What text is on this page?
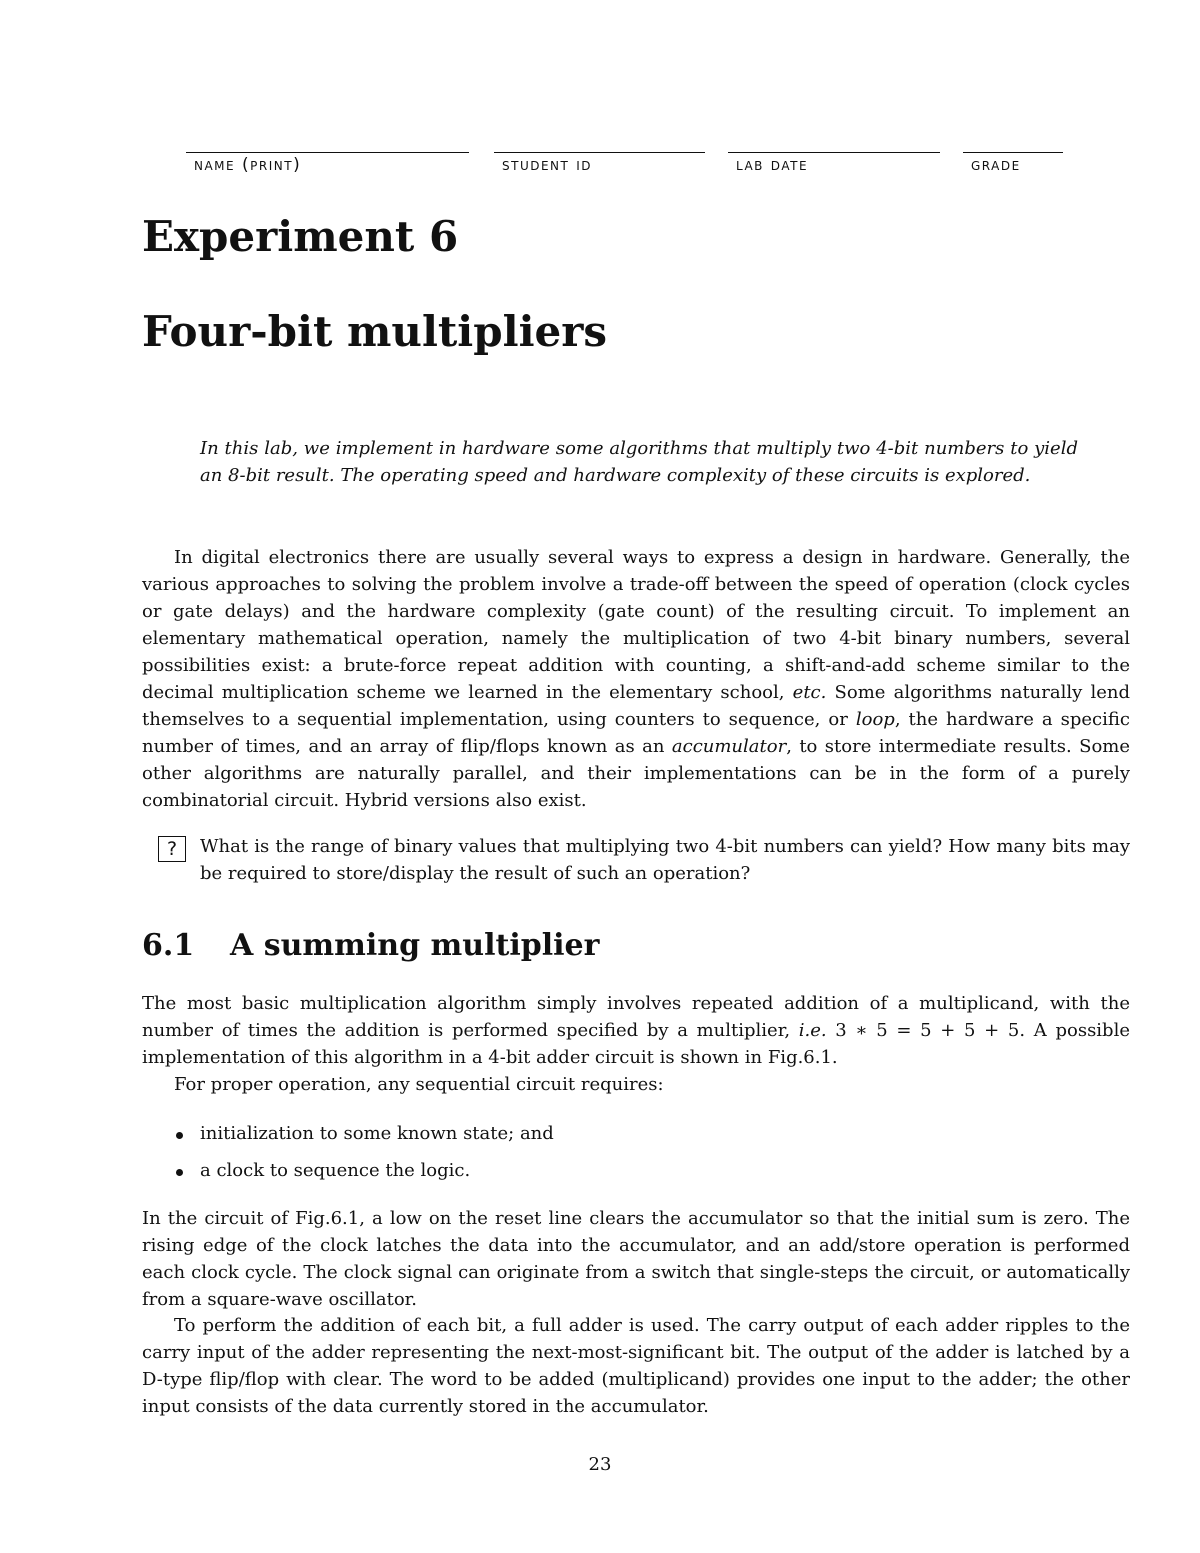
name (print)	student id	lab date	grade
Experiment 6
Four-bit multipliers
In this lab, we implement in hardware some algorithms that multiply two 4-bit numbers to yield an 8-bit result. The operating speed and hardware complexity of these circuits is explored.
In digital electronics there are usually several ways to express a design in hardware. Generally, the various approaches to solving the problem involve a trade-off between the speed of operation (clock cycles or gate delays) and the hardware complexity (gate count) of the resulting circuit. To implement an elementary mathematical operation, namely the multiplication of two 4-bit binary numbers, several possibilities exist: a brute-force repeat addition with counting, a shift-and-add scheme similar to the decimal multiplication scheme we learned in the elementary school, etc. Some algorithms naturally lend themselves to a sequential implementation, using counters to sequence, or loop, the hardware a specific number of times, and an array of flip/flops known as an accumulator, to store intermediate results. Some other algorithms are naturally parallel, and their implementations can be in the form of a purely combinatorial circuit. Hybrid versions also exist.
?	What is the range of binary values that multiplying two 4-bit numbers can yield? How many bits may be required to store/display the result of such an operation?
6.1 A summing multiplier
The most basic multiplication algorithm simply involves repeated addition of a multiplicand, with the number of times the addition is performed specified by a multiplier, i.e. 3 ∗ 5 = 5 + 5 + 5. A possible implementation of this algorithm in a 4-bit adder circuit is shown in Fig.6.1.
For proper operation, any sequential circuit requires:
initialization to some known state; and
a clock to sequence the logic.
In the circuit of Fig.6.1, a low on the reset line clears the accumulator so that the initial sum is zero. The rising edge of the clock latches the data into the accumulator, and an add/store operation is performed each clock cycle. The clock signal can originate from a switch that single-steps the circuit, or automatically from a square-wave oscillator.
To perform the addition of each bit, a full adder is used. The carry output of each adder ripples to the carry input of the adder representing the next-most-significant bit. The output of the adder is latched by a D-type flip/flop with clear. The word to be added (multiplicand) provides one input to the adder; the other input consists of the data currently stored in the accumulator.
23
